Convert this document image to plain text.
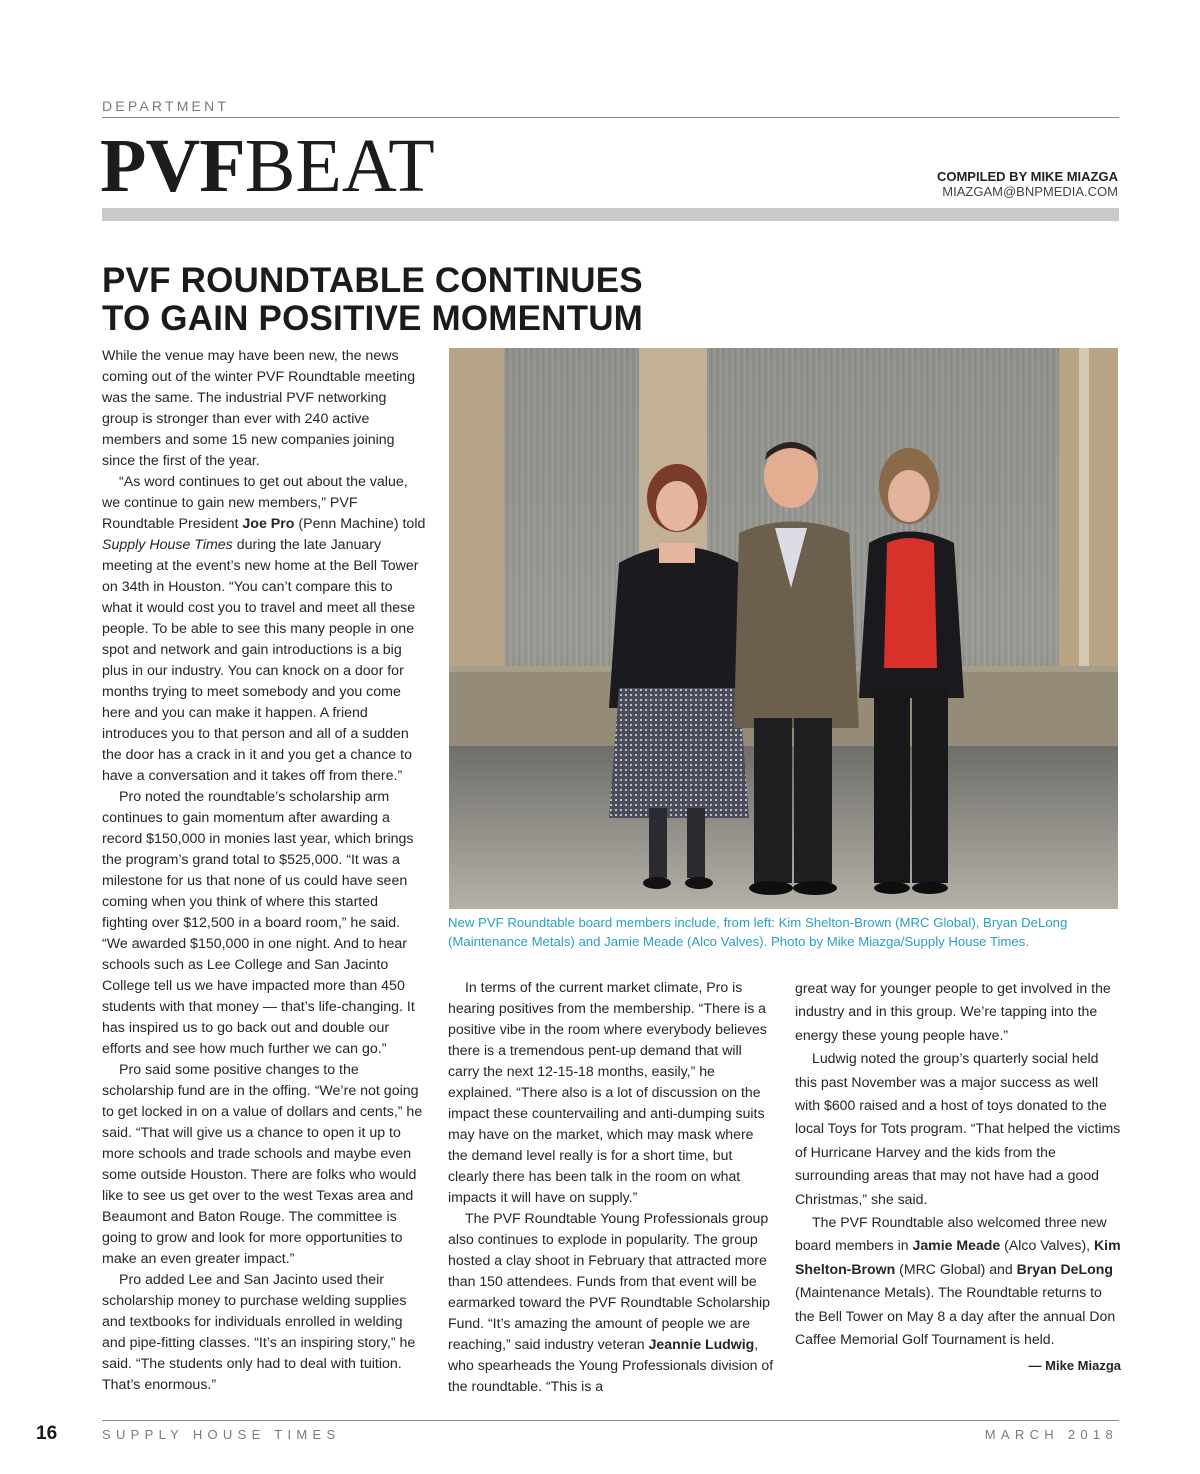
DEPARTMENT
PVFBEAT	COMPILED BY MIKE MIAZGA
MIAZGAM@BNPMEDIA.COM
PVF ROUNDTABLE CONTINUES
TO GAIN POSITIVE MOMENTUM

While the venue may have been new, the news coming out of the winter PVF Roundtable meeting was the same. The industrial PVF networking group is stronger than ever with 240 active members and some 15 new companies joining since the first of the year.

“As word continues to get out about the value, we continue to gain new members,” PVF Roundtable President Joe Pro (Penn Machine) told Supply House Times during the late January meeting at the event’s new home at the Bell Tower on 34th in Houston. “You can’t compare this to what it would cost you to travel and meet all these people. To be able to see this many people in one spot and network and gain introductions is a big plus in our industry. You can knock on a door for months trying to meet somebody and you come here and you can make it happen. A friend introduces you to that person and all of a sudden the door has a crack in it and you get a chance to have a conversation and it takes off from there.”

Pro noted the roundtable’s scholarship arm continues to gain momentum after awarding a record $150,000 in monies last year, which brings the program’s grand total to $525,000. “It was a milestone for us that none of us could have seen coming when you think of where this started fighting over $12,500 in a board room,” he said. “We awarded $150,000 in one night. And to hear schools such as Lee College and San Jacinto College tell us we have impacted more than 450 students with that money — that’s life-changing. It has inspired us to go back out and double our efforts and see how much further we can go.”

Pro said some positive changes to the scholarship fund are in the offing. “We’re not going to get locked in on a value of dollars and cents,” he said. “That will give us a chance to open it up to more schools and trade schools and maybe even some outside Houston. There are folks who would like to see us get over to the west Texas area and Beaumont and Baton Rouge. The committee is going to grow and look for more opportunities to make an even greater impact.”

Pro added Lee and San Jacinto used their scholarship money to purchase welding supplies and textbooks for individuals enrolled in welding and pipe-fitting classes. “It’s an inspiring story,” he said. “The students only had to deal with tuition. That’s enormous.”

New PVF Roundtable board members include, from left: Kim Shelton-Brown (MRC Global), Bryan DeLong (Maintenance Metals) and Jamie Meade (Alco Valves). Photo by Mike Miazga/Supply House Times.

In terms of the current market climate, Pro is hearing positives from the membership. “There is a positive vibe in the room where everybody believes there is a tremendous pent-up demand that will carry the next 12-15-18 months, easily,” he explained. “There also is a lot of discussion on the impact these countervailing and anti-dumping suits may have on the market, which may mask where the demand level really is for a short time, but clearly there has been talk in the room on what impacts it will have on supply.”

The PVF Roundtable Young Professionals group also continues to explode in popularity. The group hosted a clay shoot in February that attracted more than 150 attendees. Funds from that event will be earmarked toward the PVF Roundtable Scholarship Fund. “It’s amazing the amount of people we are reaching,” said industry veteran Jeannie Ludwig, who spearheads the Young Professionals division of the roundtable. “This is a

great way for younger people to get involved in the industry and in this group. We’re tapping into the energy these young people have.”

Ludwig noted the group’s quarterly social held this past November was a major success as well with $600 raised and a host of toys donated to the local Toys for Tots program. “That helped the victims of Hurricane Harvey and the kids from the surrounding areas that may not have had a good Christmas,” she said.

The PVF Roundtable also welcomed three new board members in Jamie Meade (Alco Valves), Kim Shelton-Brown (MRC Global) and Bryan DeLong (Maintenance Metals). The Roundtable returns to the Bell Tower on May 8 a day after the annual Don Caffee Memorial Golf Tournament is held.

— Mike Miazga
16	SUPPLY HOUSE TIMES	MARCH 2018
